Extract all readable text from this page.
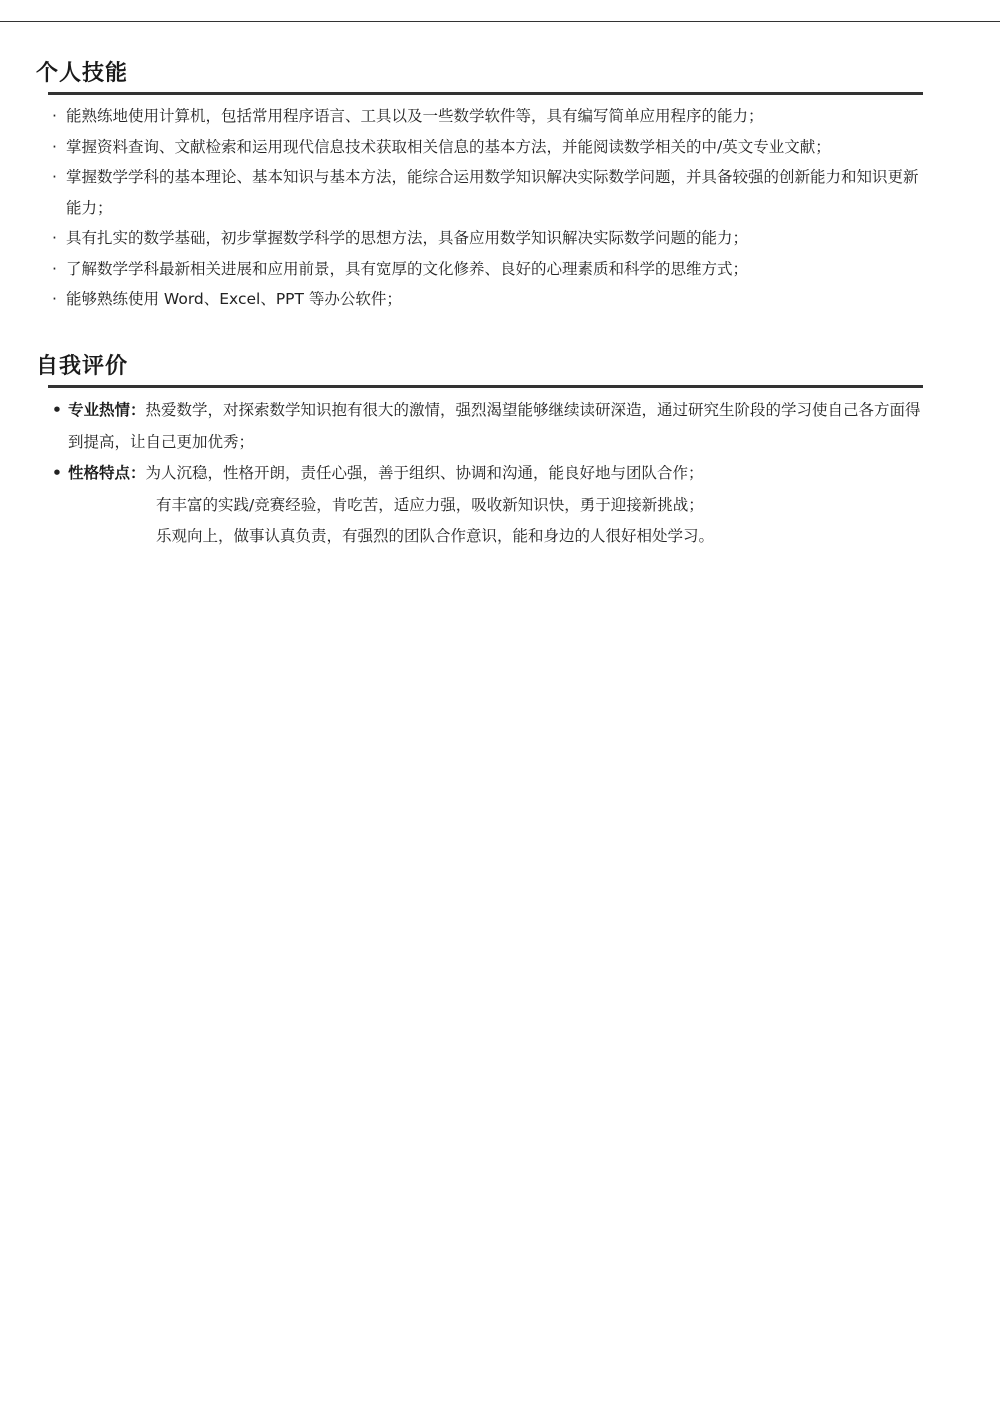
个人技能
· 能熟练地使用计算机，包括常用程序语言、工具以及一些数学软件等，具有编写简单应用程序的能力；
· 掌握资料查询、文献检索和运用现代信息技术获取相关信息的基本方法，并能阅读数学相关的中/英文专业文献；
· 掌握数学学科的基本理论、基本知识与基本方法，能综合运用数学知识解决实际数学问题，并具备较强的创新能力和知识更新能力；
· 具有扎实的数学基础，初步掌握数学科学的思想方法，具备应用数学知识解决实际数学问题的能力；
· 了解数学学科最新相关进展和应用前景，具有宽厚的文化修养、良好的心理素质和科学的思维方式；
· 能够熟练使用 Word、Excel、PPT 等办公软件；
自我评价
• 专业热情：热爱数学，对探索数学知识抱有很大的激情，强烈渴望能够继续读研深造，通过研究生阶段的学习使自己各方面得到提高，让自己更加优秀；
• 性格特点：为人沉稳，性格开朗，责任心强，善于组织、协调和沟通，能良好地与团队合作；
有丰富的实践/竞赛经验，肯吃苦，适应力强，吸收新知识快，勇于迎接新挑战；
乐观向上，做事认真负责，有强烈的团队合作意识，能和身边的人很好相处学习。
